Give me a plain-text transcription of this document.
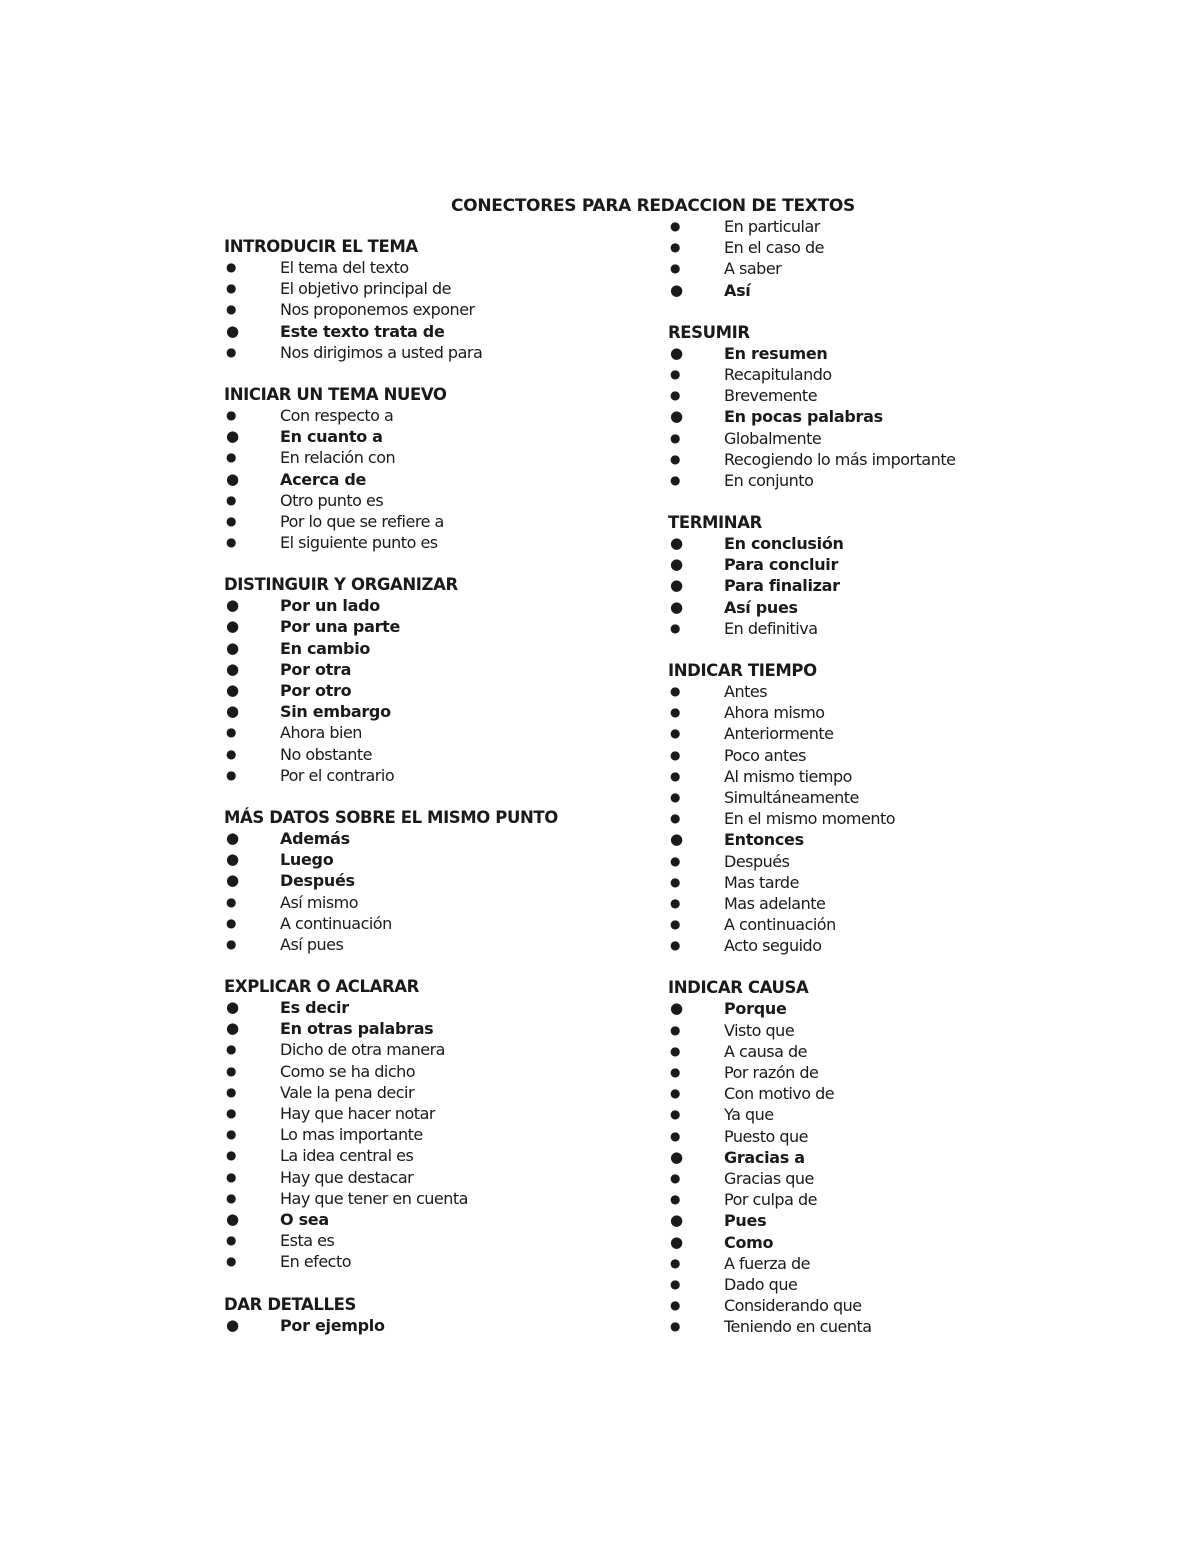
CONECTORES PARA REDACCION DE TEXTOS
INTRODUCIR EL TEMA
●	El tema del texto
●	El objetivo principal de
●	Nos proponemos exponer
●	Este texto trata de
●	Nos dirigimos a usted para
INICIAR UN TEMA NUEVO
●	Con respecto a
●	En cuanto a
●	En relación con
●	Acerca de
●	Otro punto es
●	Por lo que se refiere a
●	El siguiente punto es
DISTINGUIR Y ORGANIZAR
●	Por un lado
●	Por una parte
●	En cambio
●	Por otra
●	Por otro
●	Sin embargo
●	Ahora bien
●	No obstante
●	Por el contrario
MÁS DATOS SOBRE EL MISMO PUNTO
●	Además
●	Luego
●	Después
●	Así mismo
●	A continuación
●	Así pues
EXPLICAR O ACLARAR
●	Es decir
●	En otras palabras
●	Dicho de otra manera
●	Como se ha dicho
●	Vale la pena decir
●	Hay que hacer notar
●	Lo mas importante
●	La idea central es
●	Hay que destacar
●	Hay que tener en cuenta
●	O sea
●	Esta es
●	En efecto
DAR DETALLES
●	Por ejemplo
●	En particular
●	En el caso de
●	A saber
●	Así
RESUMIR
●	En resumen
●	Recapitulando
●	Brevemente
●	En pocas palabras
●	Globalmente
●	Recogiendo lo más importante
●	En conjunto
TERMINAR
●	En conclusión
●	Para concluir
●	Para finalizar
●	Así pues
●	En definitiva
INDICAR TIEMPO
●	Antes
●	Ahora mismo
●	Anteriormente
●	Poco antes
●	Al mismo tiempo
●	Simultáneamente
●	En el mismo momento
●	Entonces
●	Después
●	Mas tarde
●	Mas adelante
●	A continuación
●	Acto seguido
INDICAR CAUSA
●	Porque
●	Visto que
●	A causa de
●	Por razón de
●	Con motivo de
●	Ya que
●	Puesto que
●	Gracias a
●	Gracias que
●	Por culpa de
●	Pues
●	Como
●	A fuerza de
●	Dado que
●	Considerando que
●	Teniendo en cuenta
